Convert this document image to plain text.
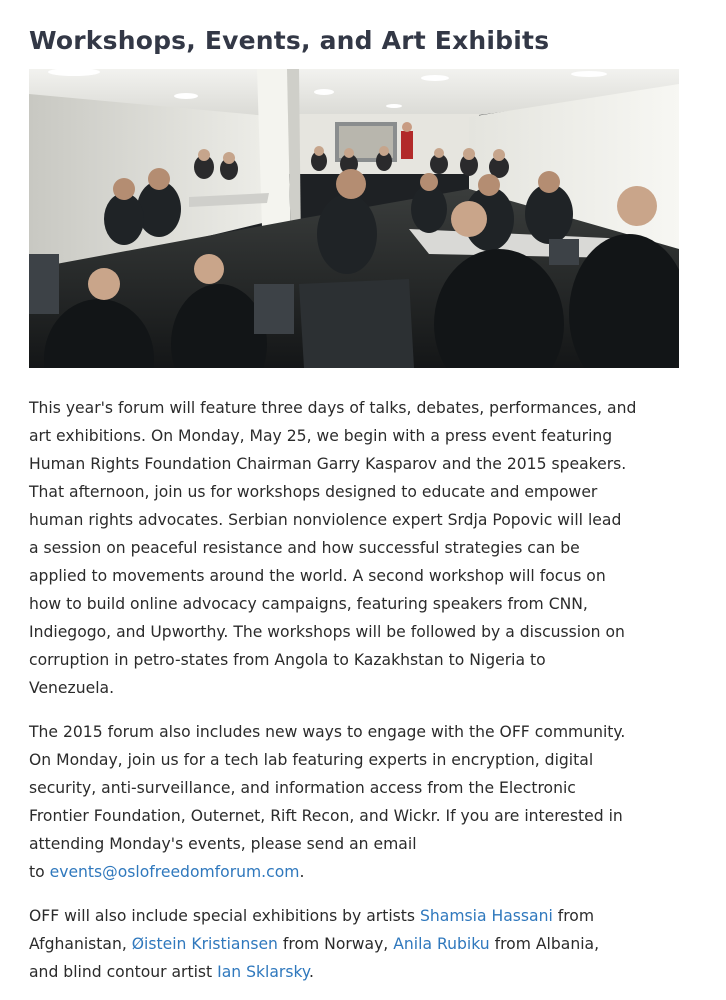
Workshops, Events, and Art Exhibits

This year's forum will feature three days of talks, debates, performances, and
art exhibitions. On Monday, May 25, we begin with a press event featuring
Human Rights Foundation Chairman Garry Kasparov and the 2015 speakers.
That afternoon, join us for workshops designed to educate and empower
human rights advocates. Serbian nonviolence expert Srdja Popovic will lead
a session on peaceful resistance and how successful strategies can be
applied to movements around the world. A second workshop will focus on
how to build online advocacy campaigns, featuring speakers from CNN,
Indiegogo, and Upworthy. The workshops will be followed by a discussion on
corruption in petro-states from Angola to Kazakhstan to Nigeria to
Venezuela.

The 2015 forum also includes new ways to engage with the OFF community.
On Monday, join us for a tech lab featuring experts in encryption, digital
security, anti-surveillance, and information access from the Electronic
Frontier Foundation, Outernet, Rift Recon, and Wickr. If you are interested in
attending Monday's events, please send an email
to events@oslofreedomforum.com.

OFF will also include special exhibitions by artists Shamsia Hassani from
Afghanistan, Øistein Kristiansen from Norway, Anila Rubiku from Albania,
and blind contour artist Ian Sklarsky.
